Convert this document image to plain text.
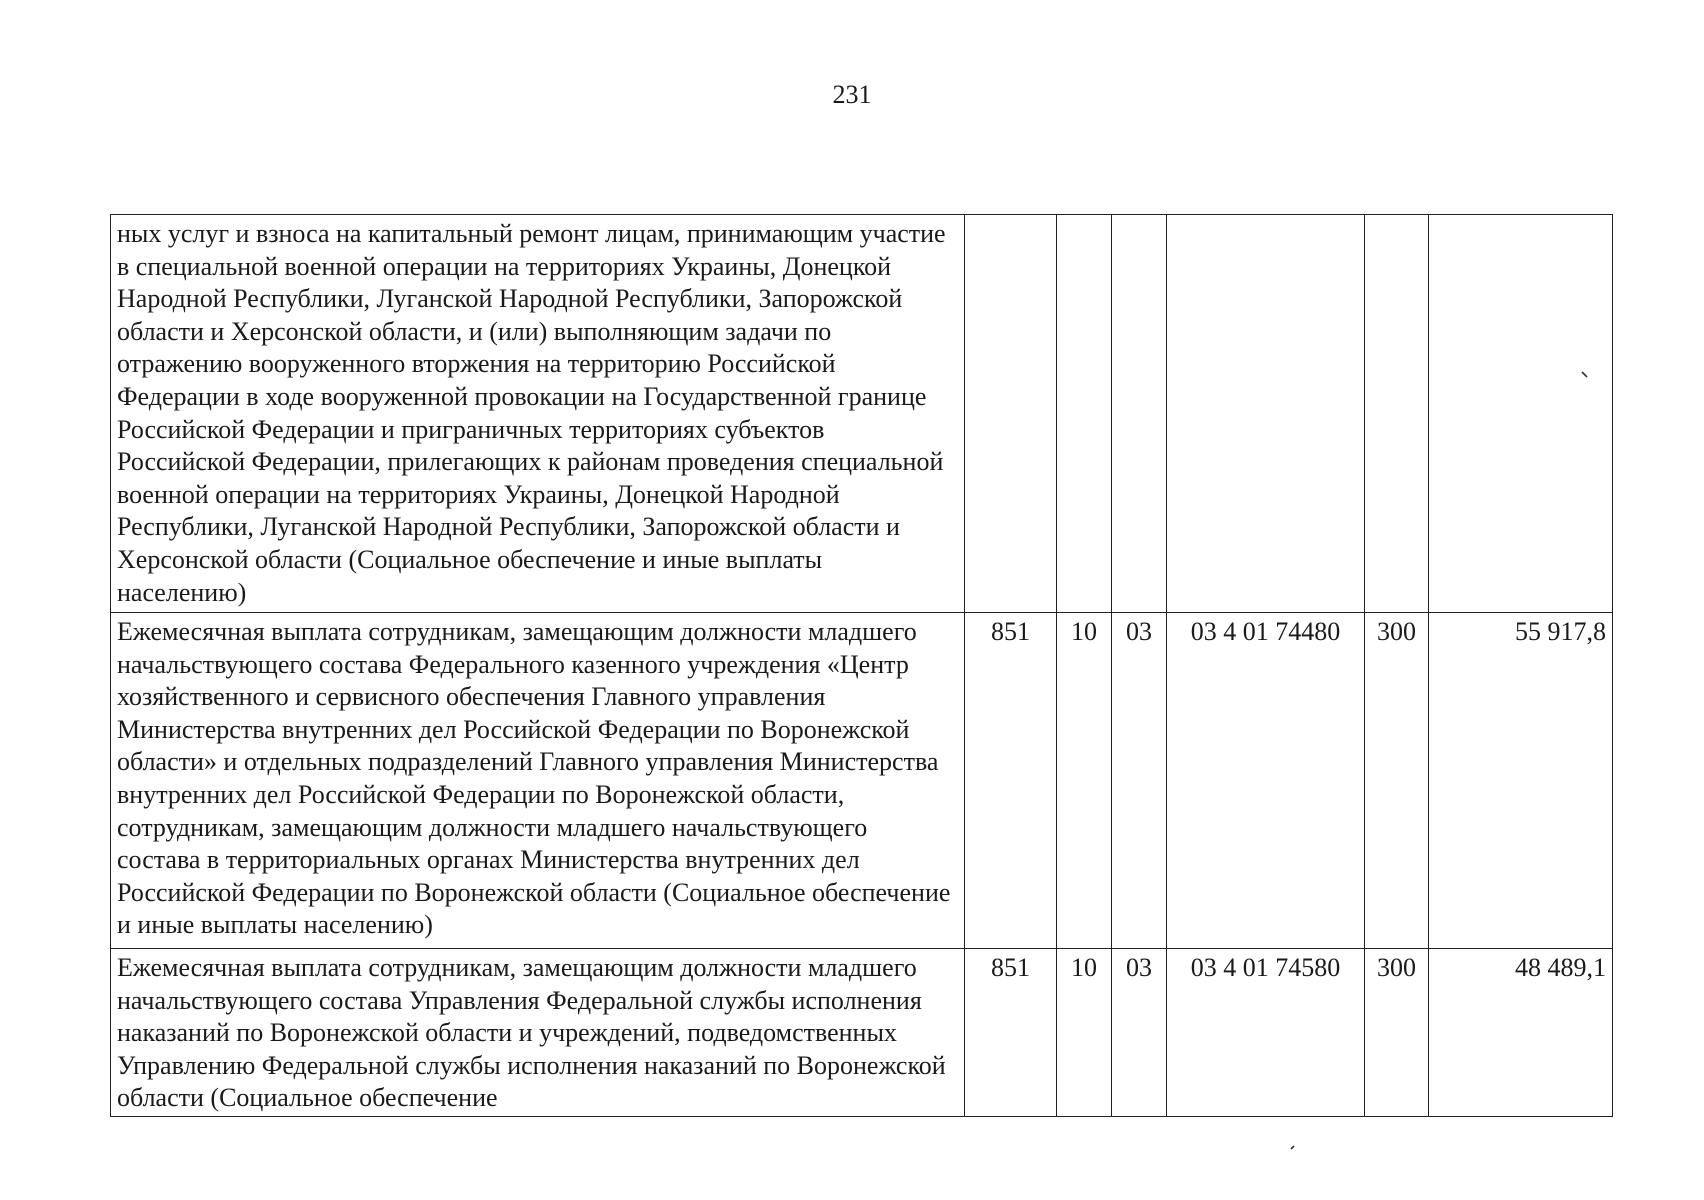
231
ных услуг и взноса на капитальный ремонт лицам, принимающим участие в специальной военной операции на территориях Украины, Донецкой Народной Республики, Луганской Народной Республики, Запорожской области и Херсонской области, и (или) выполняющим задачи по отражению вооруженного вторжения на территорию Российской Федерации в ходе вооруженной провокации на Государственной границе Российской Федерации и приграничных территориях субъектов Российской Федерации, прилегающих к районам проведения специальной военной операции на территориях Украины, Донецкой Народной Республики, Луганской Народной Республики, Запорожской области и Херсонской области (Социальное обеспечение и иные выплаты населению)						
Ежемесячная выплата сотрудникам, замещающим должности младшего начальствующего состава Федерального казенного учреждения «Центр хозяйственного и сервисного обеспечения Главного управления Министерства внутренних дел Российской Федерации по Воронежской области» и отдельных подразделений Главного управления Министерства внутренних дел Российской Федерации по Воронежской области, сотрудникам, замещающим должности младшего начальствующего состава в территориальных органах Министерства внутренних дел Российской Федерации по Воронежской области (Социальное обеспечение и иные выплаты населению)	851	10	03	03 4 01 74480	300	55 917,8
Ежемесячная выплата сотрудникам, замещающим должности младшего начальствующего состава Управления Федеральной службы исполнения наказаний по Воронежской области и учреждений, подведомственных Управлению Федеральной службы исполнения наказаний по Воронежской области (Социальное обеспечение	851	10	03	03 4 01 74580	300	48 489,1
